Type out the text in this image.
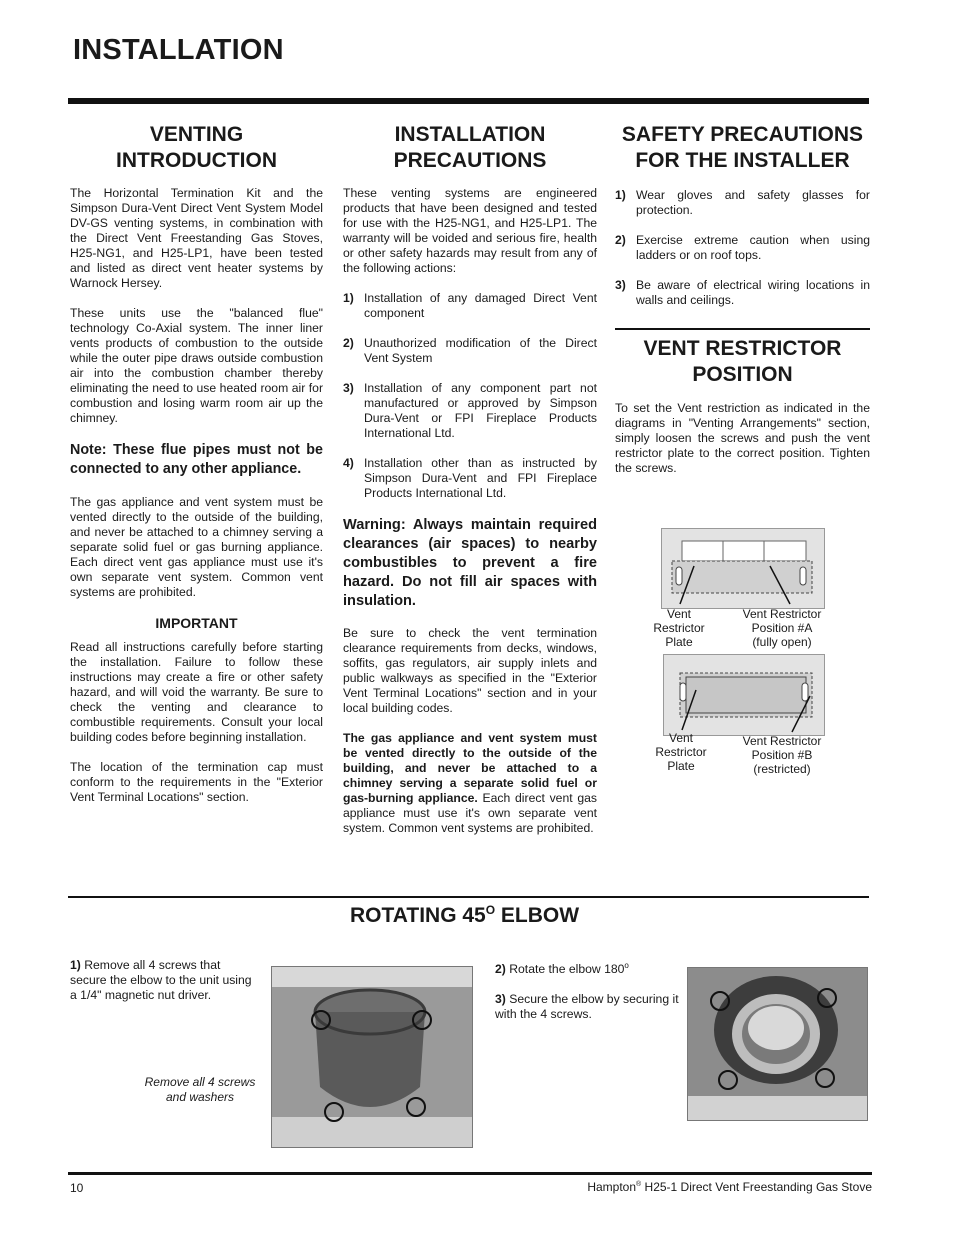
INSTALLATION
VENTING
INTRODUCTION

The Horizontal Termination Kit and the Simpson Dura-Vent Direct Vent System Model DV-GS venting systems, in combination with the Direct Vent Freestanding Gas Stoves, H25-NG1, and H25-LP1, have been tested and listed as direct vent heater systems by Warnock Hersey.

These units use the "balanced flue" technology Co-Axial system. The inner liner vents products of combustion to the outside while the outer pipe draws outside combustion air into the combustion chamber thereby eliminating the need to use heated room air for combustion and losing warm room air up the chimney.

Note: These flue pipes must not be connected to any other appliance.

The gas appliance and vent system must be vented directly to the outside of the building, and never be attached to a chimney serving a separate solid fuel or gas burning appliance. Each direct vent gas appliance must use it's own separate vent system. Common vent systems are prohibited.

IMPORTANT

Read all instructions carefully before starting the installation. Failure to follow these instructions may create a fire or other safety hazard, and will void the warranty. Be sure to check the venting and clearance to combustible requirements. Consult your local building codes before beginning installation.

The location of the termination cap must conform to the requirements in the "Exterior Vent Terminal Locations" section.

INSTALLATION
PRECAUTIONS

These venting systems are engineered products that have been designed and tested for use with the H25-NG1, and H25-LP1. The warranty will be voided and serious fire, health or other safety hazards may result from any of the following actions:

1) Installation of any damaged Direct Vent component
2) Unauthorized modification of the Direct Vent System
3) Installation of any component part not manufactured or approved by Simpson Dura-Vent or FPI Fireplace Products International Ltd.
4) Installation other than as instructed by Simpson Dura-Vent and FPI Fireplace Products International Ltd.
Warning: Always maintain required clearances (air spaces) to nearby combustibles to prevent a fire hazard. Do not fill air spaces with insulation.

Be sure to check the vent termination clearance requirements from decks, windows, soffits, gas regulators, air supply inlets and public walkways as specified in the "Exterior Vent Terminal Locations" section and in your local building codes.

The gas appliance and vent system must be vented directly to the outside of the building, and never be attached to a chimney serving a separate solid fuel or gas-burning appliance. Each direct vent gas appliance must use it's own separate vent system. Common vent systems are prohibited.

SAFETY PRECAUTIONS
FOR THE INSTALLER
1) Wear gloves and safety glasses for protection.
2) Exercise extreme caution when using ladders or on roof tops.
3) Be aware of electrical wiring locations in walls and ceilings.
VENT RESTRICTOR
POSITION

To set the Vent restriction as indicated in the diagrams in "Venting Arrangements" section, simply loosen the screws and push the vent restrictor plate to the correct position. Tighten the screws.

Vent
Restrictor
Plate
Vent Restrictor
Position #A
(fully open)
Vent
Restrictor
Plate
Vent Restrictor
Position #B
(restricted)
ROTATING $45^O$ ELBOW
1) Remove all 4 screws that secure the elbow to the unit using a 1/4" magnetic nut driver.
Remove all 4 screws
and washers

2) Rotate the elbow 180$^o$

3) Secure the elbow by securing it with the 4 screws.

10	Hampton® H25-1 Direct Vent Freestanding Gas Stove
